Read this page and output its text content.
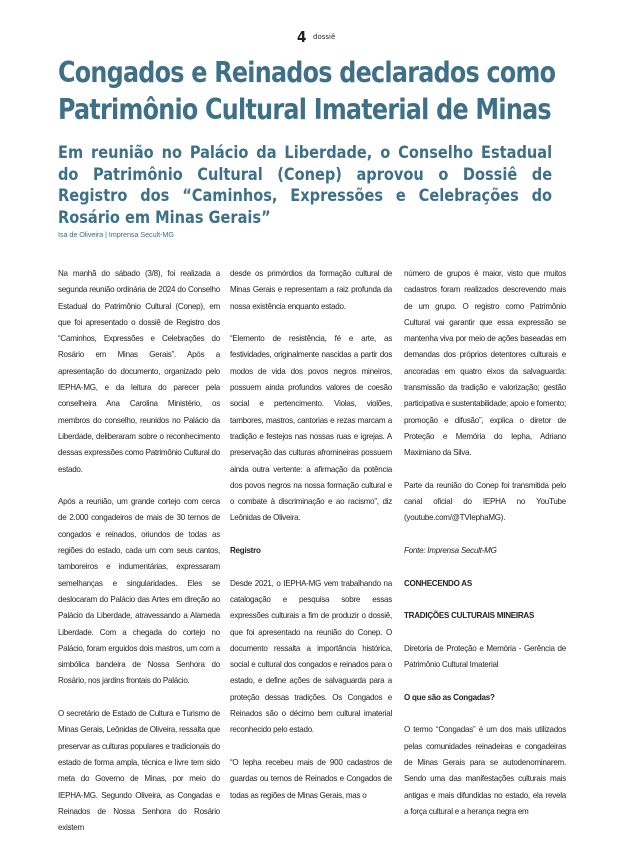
4 dossiê
Congados e Reinados declarados como
Patrimônio Cultural Imaterial de Minas

Em reunião no Palácio da Liberdade, o Conselho Estadual do Patrimônio Cultural (Conep) aprovou o Dossiê de Registro dos “Caminhos, Expressões e Celebrações do Rosário em Minas Gerais”

Isa de Oliveira | Imprensa Secult-MG

Na manhã do sábado (3/8), foi realizada a segunda reunião ordinária de 2024 do Conselho Estadual do Patrimônio Cultural (Conep), em que foi apresentado o dossiê de Registro dos “Caminhos, Expressões e Celebrações do Rosário em Minas Gerais”. Após a apresentação do documento, organizado pelo IEPHA-MG, e da leitura do parecer pela conselheira Ana Carolina Ministério, os membros do conselho, reunidos no Palácio da Liberdade, deliberaram sobre o reconhecimento dessas expressões como Patrimônio Cultural do estado.

Após a reunião, um grande cortejo com cerca de 2.000 congadeiros de mais de 30 ternos de congados e reinados, oriundos de todas as regiões do estado, cada um com seus cantos, tamboreiros e indumentárias, expressaram semelhanças e singularidades. Eles se deslocaram do Palácio das Artes em direção ao Palácio da Liberdade, atravessando a Alameda Liberdade. Com a chegada do cortejo no Palácio, foram erguidos dois mastros, um com a simbólica bandeira de Nossa Senhora do Rosário, nos jardins frontais do Palácio.

O secretário de Estado de Cultura e Turismo de Minas Gerais, Leônidas de Oliveira, ressalta que preservar as culturas populares e tradicionais do estado de forma ampla, técnica e livre tem sido meta do Governo de Minas, por meio do IEPHA-MG. Segundo Oliveira, as Congadas e Reinados de Nossa Senhora do Rosário existem

desde os primórdios da formação cultural de Minas Gerais e representam a raiz profunda da nossa existência enquanto estado.

“Elemento de resistência, fé e arte, as festividades, originalmente nascidas a partir dos modos de vida dos povos negros mineiros, possuem ainda profundos valores de coesão social e pertencimento. Violas, violões, tambores, mastros, cantorias e rezas marcam a tradição e festejos nas nossas ruas e igrejas. A preservação das culturas afromineiras possuem ainda outra vertente: a afirmação da potência dos povos negros na nossa formação cultural e o combate à discriminação e ao racismo”, diz Leônidas de Oliveira.

Registro

Desde 2021, o IEPHA-MG vem trabalhando na catalogação e pesquisa sobre essas expressões culturais a fim de produzir o dossiê, que foi apresentado na reunião do Conep. O documento ressalta a importância histórica, social e cultural dos congados e reinados para o estado, e define ações de salvaguarda para a proteção dessas tradições. Os Congados e Reinados são o décimo bem cultural imaterial reconhecido pelo estado.

“O Iepha recebeu mais de 900 cadastros de guardas ou ternos de Reinados e Congados de todas as regiões de Minas Gerais, mas o

número de grupos é maior, visto que muitos cadastros foram realizados descrevendo mais de um grupo. O registro como Patrimônio Cultural vai garantir que essa expressão se mantenha viva por meio de ações baseadas em demandas dos próprios detentores culturais e ancoradas em quatro eixos da salvaguarda: transmissão da tradição e valorização; gestão participativa e sustentabilidade; apoio e fomento; promoção e difusão”, explica o diretor de Proteção e Memória do Iepha, Adriano Maximiano da Silva.

Parte da reunião do Conep foi transmitida pelo canal oficial do IEPHA no YouTube (youtube.com/@TVIephaMG).

Fonte: Imprensa Secult-MG

CONHECENDO AS

TRADIÇÕES CULTURAIS MINEIRAS

Diretoria de Proteção e Memória - Gerência de Patrimônio Cultural Imaterial

O que são as Congadas?

O termo “Congadas” é um dos mais utilizados pelas comunidades reinadeiras e congadeiras de Minas Gerais para se autodenominarem. Sendo uma das manifestações culturais mais antigas e mais difundidas no estado, ela revela a força cultural e a herança negra em
